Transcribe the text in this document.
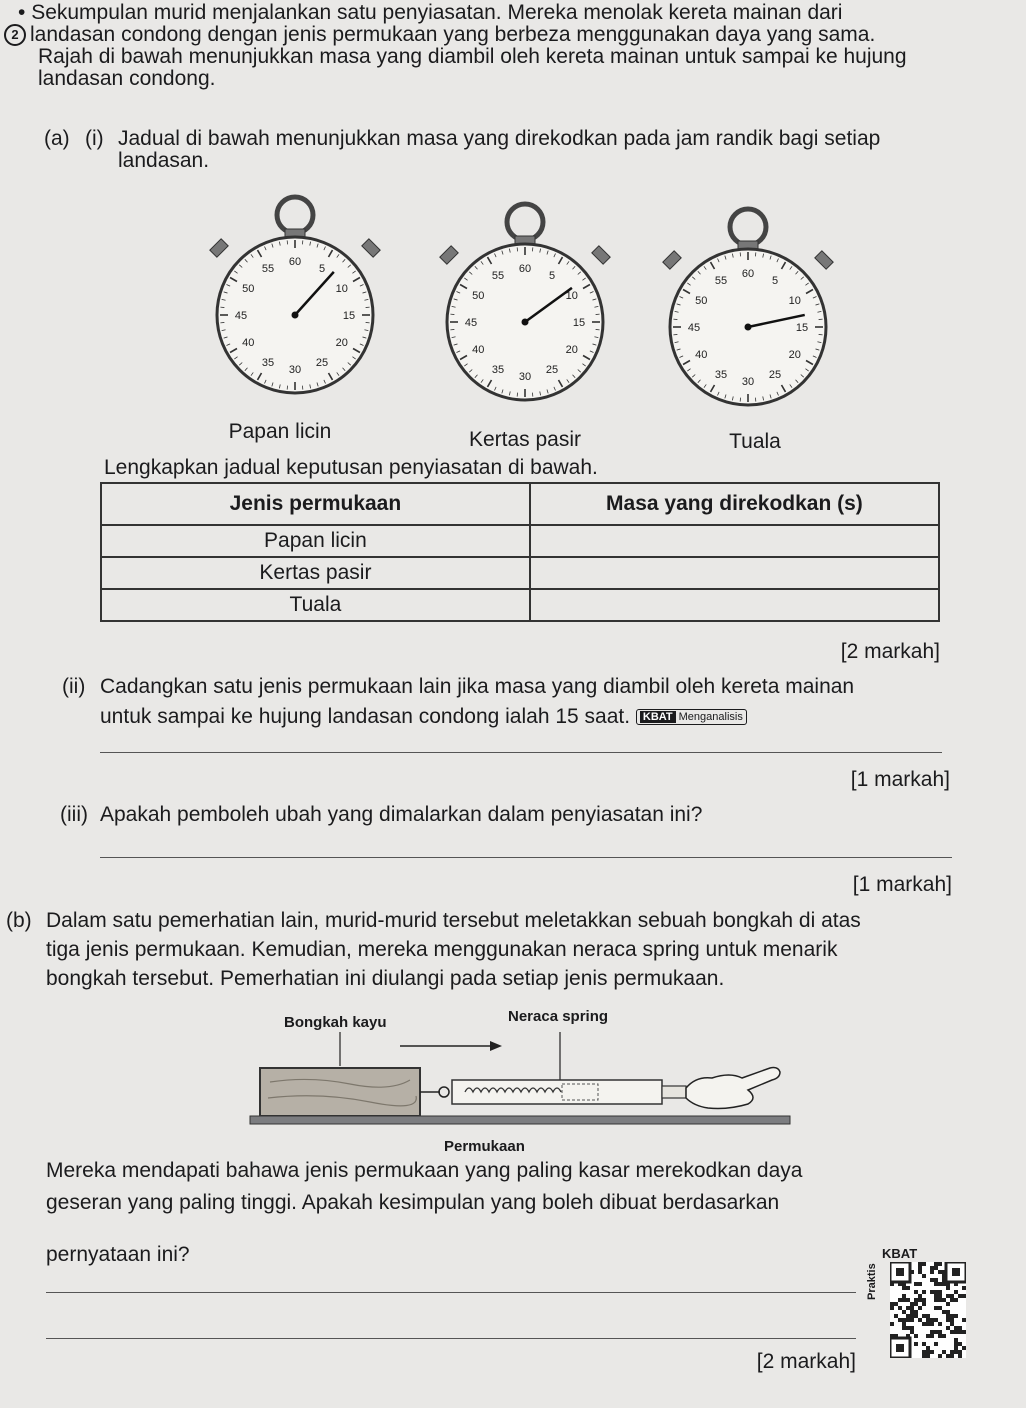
• Sekumpulan murid menjalankan satu penyiasatan. Mereka menolak kereta mainan dari

2 landasan condong dengan jenis permukaan yang berbeza menggunakan daya yang sama.

Rajah di bawah menunjukkan masa yang diambil oleh kereta mainan untuk sampai ke hujung

landasan condong.

(a) (i) Jadual di bawah menunjukkan masa yang direkodkan pada jam randik bagi setiap
landasan.
60
5
10
15
20
25
30
35
40
45
50
55	60
5
10
15
20
25
30
35
40
45
50
55	60
5
10
15
20
25
30
35
40
45
50
55
Papan licin	Kertas pasir	Tuala
Lengkapkan jadual keputusan penyiasatan di bawah.
Jenis permukaan	Masa yang direkodkan (s)
Papan licin	
Kertas pasir	
Tuala	
[2 markah]
(ii) Cadangkan satu jenis permukaan lain jika masa yang diambil oleh kereta mainan
untuk sampai ke hujung landasan condong ialah 15 saat. KBAT Menganalisis
[1 markah]
(iii) Apakah pemboleh ubah yang dimalarkan dalam penyiasatan ini?
[1 markah]
(b) Dalam satu pemerhatian lain, murid-murid tersebut meletakkan sebuah bongkah di atas
tiga jenis permukaan. Kemudian, mereka menggunakan neraca spring untuk menarik
bongkah tersebut. Pemerhatian ini diulangi pada setiap jenis permukaan.
Bongkah kayu	Neraca spring
Permukaan
Mereka mendapati bahawa jenis permukaan yang paling kasar merekodkan daya
geseran yang paling tinggi. Apakah kesimpulan yang boleh dibuat berdasarkan
pernyataan ini?
[2 markah]
KBAT
Praktis
